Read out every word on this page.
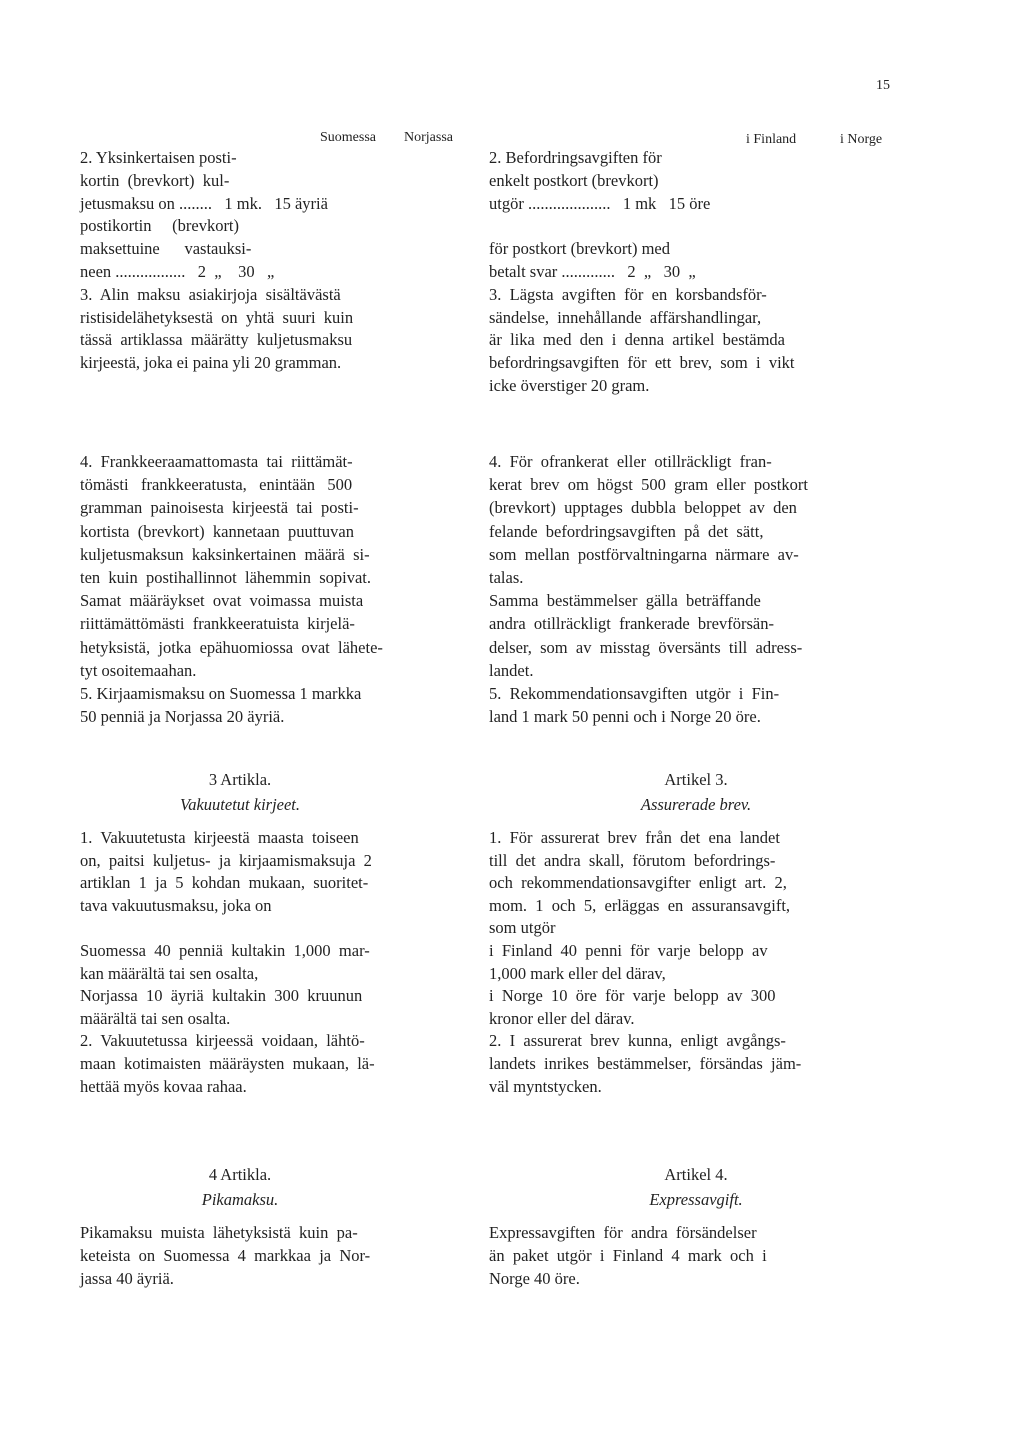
15
Suomessa Norjassa
2. Yksinkertaisen posti-
kortin  (brevkort)  kul-
jetusmaksu on ........   1 mk.   15 äyriä
postikortin     (brevkort)
maksettuine      vastauksi-
neen .................   2  „    30   „
3.  Alin  maksu  asiakirjoja  sisältävästä
ristisidelähetyksestä  on  yhtä  suuri  kuin
tässä  artiklassa  määrätty  kuljetusmaksu
kirjeestä, joka ei paina yli 20 gramman.
4.  Frankkeeraamattomasta  tai  riittämät-
tömästi   frankkeeratusta,   enintään   500
gramman  painoisesta  kirjeestä  tai  posti-
kortista  (brevkort)  kannetaan  puuttuvan
kuljetusmaksun  kaksinkertainen  määrä  si-
ten  kuin  postihallinnot  lähemmin  sopivat.
Samat  määräykset  ovat  voimassa  muista
riittämättömästi  frankkeeratuista  kirjelä-
hetyksistä,  jotka  epähuomiossa  ovat  lähete-
tyt osoitemaahan.
5. Kirjaamismaksu on Suomessa 1 markka
50 penniä ja Norjassa 20 äyriä.
3 Artikla.
Vakuutetut kirjeet.
1.  Vakuutetusta  kirjeestä  maasta  toiseen
on,  paitsi  kuljetus-  ja  kirjaamismaksuja  2
artiklan  1  ja  5  kohdan  mukaan,  suoritet-
tava vakuutusmaksu, joka on
Suomessa  40  penniä  kultakin  1,000  mar-
kan määrältä tai sen osalta,
Norjassa  10  äyriä  kultakin  300  kruunun
määrältä tai sen osalta.
2.  Vakuutetussa  kirjeessä  voidaan,  lähtö-
maan  kotimaisten  määräysten  mukaan,  lä-
hettää myös kovaa rahaa.
4 Artikla.
Pikamaksu.
Pikamaksu  muista  lähetyksistä  kuin  pa-
keteista  on  Suomessa  4  markkaa  ja  Nor-
jassa 40 äyriä.
i Finland	i Norge
2. Befordringsavgiften för
enkelt postkort (brevkort)
utgör ....................   1 mk   15 öre
för postkort (brevkort) med
betalt svar .............   2  „   30  „
3.  Lägsta  avgiften  för  en  korsbandsför-
sändelse,  innehållande  affärshandlingar,
är  lika  med  den  i  denna  artikel  bestämda
befordringsavgiften  för  ett  brev,  som  i  vikt
icke överstiger 20 gram.
4.  För  ofrankerat  eller  otillräckligt  fran-
kerat  brev  om  högst  500  gram  eller  postkort
(brevkort)  upptages  dubbla  beloppet  av  den
felande  befordringsavgiften  på  det  sätt,
som  mellan  postförvaltningarna  närmare  av-
talas.
Samma  bestämmelser  gälla  beträffande
andra  otillräckligt  frankerade  brevförsän-
delser,  som  av  misstag  översänts  till  adress-
landet.
5.  Rekommendationsavgiften  utgör  i  Fin-
land 1 mark 50 penni och i Norge 20 öre.
Artikel 3.
Assurerade brev.
1.  För  assurerat  brev  från  det  ena  landet
till  det  andra  skall,  förutom  befordrings-
och  rekommendationsavgifter  enligt  art.  2,
mom.  1  och  5,  erläggas  en  assuransavgift,
som utgör
i  Finland  40  penni  för  varje  belopp  av
1,000 mark eller del därav,
i  Norge  10  öre  för  varje  belopp  av  300
kronor eller del därav.
2.  I  assurerat  brev  kunna,  enligt  avgångs-
landets  inrikes  bestämmelser,  försändas  jäm-
väl myntstycken.
Artikel 4.
Expressavgift.
Expressavgiften  för  andra  försändelser
än  paket  utgör  i  Finland  4  mark  och  i
Norge 40 öre.
